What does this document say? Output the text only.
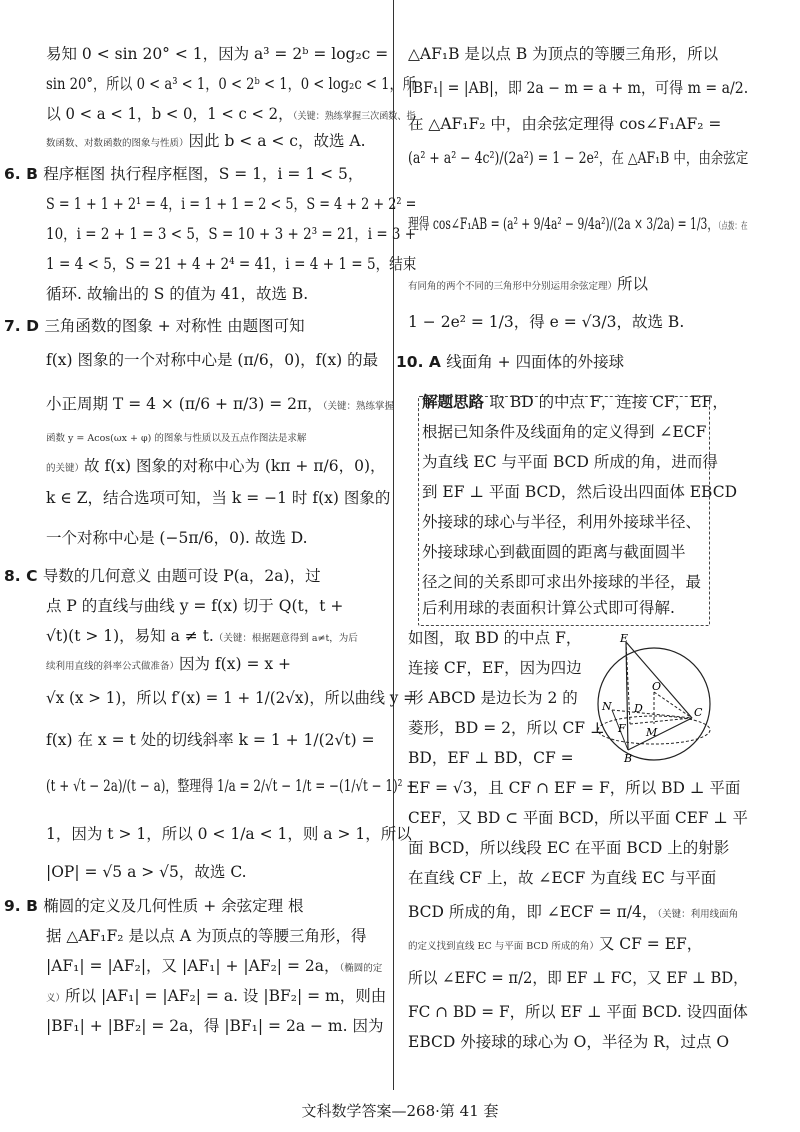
易知 0 < sin 20° < 1，因为 a³ = 2ᵇ = log₂c =
sin 20°，所以 0 < a³ < 1，0 < 2ᵇ < 1，0 < log₂c < 1，所
以 0 < a < 1，b < 0，1 < c < 2，（关键：熟练掌握三次函数、指
数函数、对数函数的图象与性质）因此 b < a < c，故选 A.
6. B 程序框图 执行程序框图，S = 1，i = 1 < 5，
S = 1 + 1 + 2¹ = 4，i = 1 + 1 = 2 < 5，S = 4 + 2 + 2² =
10，i = 2 + 1 = 3 < 5，S = 10 + 3 + 2³ = 21，i = 3 +
1 = 4 < 5，S = 21 + 4 + 2⁴ = 41，i = 4 + 1 = 5，结束
循环. 故输出的 S 的值为 41，故选 B.
7. D 三角函数的图象 + 对称性 由题图可知
f(x) 图象的一个对称中心是 (π/6，0)，f(x) 的最
小正周期 T = 4 × (π/6 + π/3) = 2π，（关键：熟练掌握
函数 y = Acos(ωx + φ) 的图象与性质以及五点作图法是求解
的关键）故 f(x) 图象的对称中心为 (kπ + π/6，0)，
k ∈ Z，结合选项可知，当 k = −1 时 f(x) 图象的
一个对称中心是 (−5π/6，0). 故选 D.
8. C 导数的几何意义 由题可设 P(a，2a)，过
点 P 的直线与曲线 y = f(x) 切于 Q(t，t +
√t)(t > 1)，易知 a ≠ t.（关键：根据题意得到 a≠t，为后
续利用直线的斜率公式做准备）因为 f(x) = x +
√x (x > 1)，所以 f′(x) = 1 + 1/(2√x)，所以曲线 y =
f(x) 在 x = t 处的切线斜率 k = 1 + 1/(2√t) =
(t + √t − 2a)/(t − a)，整理得 1/a = 2/√t − 1/t = −(1/√t − 1)² +
1，因为 t > 1，所以 0 < 1/a < 1，则 a > 1，所以
|OP| = √5 a > √5，故选 C.
9. B 椭圆的定义及几何性质 + 余弦定理 根
据 △AF₁F₂ 是以点 A 为顶点的等腰三角形，得
|AF₁| = |AF₂|，又 |AF₁| + |AF₂| = 2a，（椭圆的定
义）所以 |AF₁| = |AF₂| = a. 设 |BF₂| = m，则由
|BF₁| + |BF₂| = 2a，得 |BF₁| = 2a − m. 因为
△AF₁B 是以点 B 为顶点的等腰三角形，所以
|BF₁| = |AB|，即 2a − m = a + m，可得 m = a/2.
在 △AF₁F₂ 中，由余弦定理得 cos∠F₁AF₂ =
(a² + a² − 4c²)/(2a²) = 1 − 2e²，在 △AF₁B 中，由余弦定
理得 cos∠F₁AB = (a² + 9/4a² − 9/4a²)/(2a × 3/2a) = 1/3，（点拨：在
有同角的两个不同的三角形中分别运用余弦定理）所以
1 − 2e² = 1/3，得 e = √3/3，故选 B.
10. A 线面角 + 四面体的外接球
解题思路 取 BD 的中点 F，连接 CF，EF，
根据已知条件及线面角的定义得到 ∠ECF
为直线 EC 与平面 BCD 所成的角，进而得
到 EF ⊥ 平面 BCD，然后设出四面体 EBCD
外接球的球心与半径，利用外接球半径、
外接球球心到截面圆的距离与截面圆半
径之间的关系即可求出外接球的半径，最
后利用球的表面积计算公式即可得解.
如图，取 BD 的中点 F，
连接 CF，EF，因为四边
形 ABCD 是边长为 2 的
菱形，BD = 2，所以 CF ⊥
BD，EF ⊥ BD，CF =
EF = √3，且 CF ∩ EF = F，所以 BD ⊥ 平面
CEF，又 BD ⊂ 平面 BCD，所以平面 CEF ⊥ 平
面 BCD，所以线段 EC 在平面 BCD 上的射影
在直线 CF 上，故 ∠ECF 为直线 EC 与平面
BCD 所成的角，即 ∠ECF = π/4，（关键：利用线面角
的定义找到直线 EC 与平面 BCD 所成的角）又 CF = EF，
所以 ∠EFC = π/2，即 EF ⊥ FC，又 EF ⊥ BD，
FC ∩ BD = F，所以 EF ⊥ 平面 BCD. 设四面体
EBCD 外接球的球心为 O，半径为 R，过点 O
E
O
N D	C
F M
B
文科数学答案—268·第 41 套
